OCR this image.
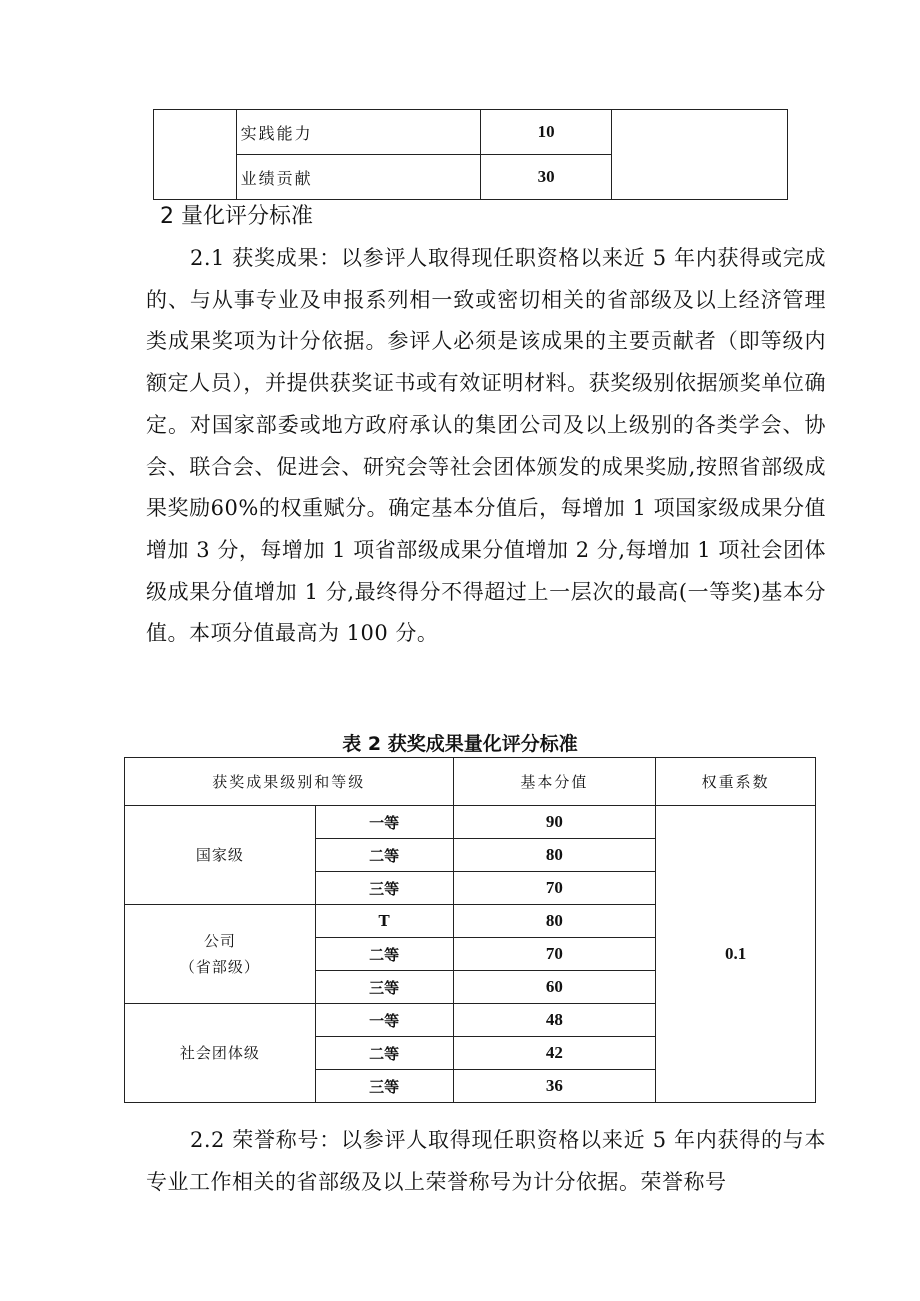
	实践能力	10	
	业绩贡献	30	
2 量化评分标准

2.1 获奖成果：以参评人取得现任职资格以来近 5 年内获得或完成的、与从事专业及申报系列相一致或密切相关的省部级及以上经济管理类成果奖项为计分依据。参评人必须是该成果的主要贡献者（即等级内额定人员），并提供获奖证书或有效证明材料。获奖级别依据颁奖单位确定。对国家部委或地方政府承认的集团公司及以上级别的各类学会、协会、联合会、促进会、研究会等社会团体颁发的成果奖励,按照省部级成果奖励60%的权重赋分。确定基本分值后，每增加 1 项国家级成果分值增加 3 分，每增加 1 项省部级成果分值增加 2 分,每增加 1 项社会团体级成果分值增加 1 分,最终得分不得超过上一层次的最高(一等奖)基本分值。本项分值最高为 100 分。

表 2 获奖成果量化评分标准

获奖成果级别和等级		基本分值	权重系数

国家级	一等	90	0.1
	二等	80	
	三等	70	

公司
（省部级）	T	80	
	二等	70	
	三等	60	

社会团体级	一等	48	
	二等	42	
	三等	36	

2.2 荣誉称号：以参评人取得现任职资格以来近 5 年内获得的与本专业工作相关的省部级及以上荣誉称号为计分依据。荣誉称号
